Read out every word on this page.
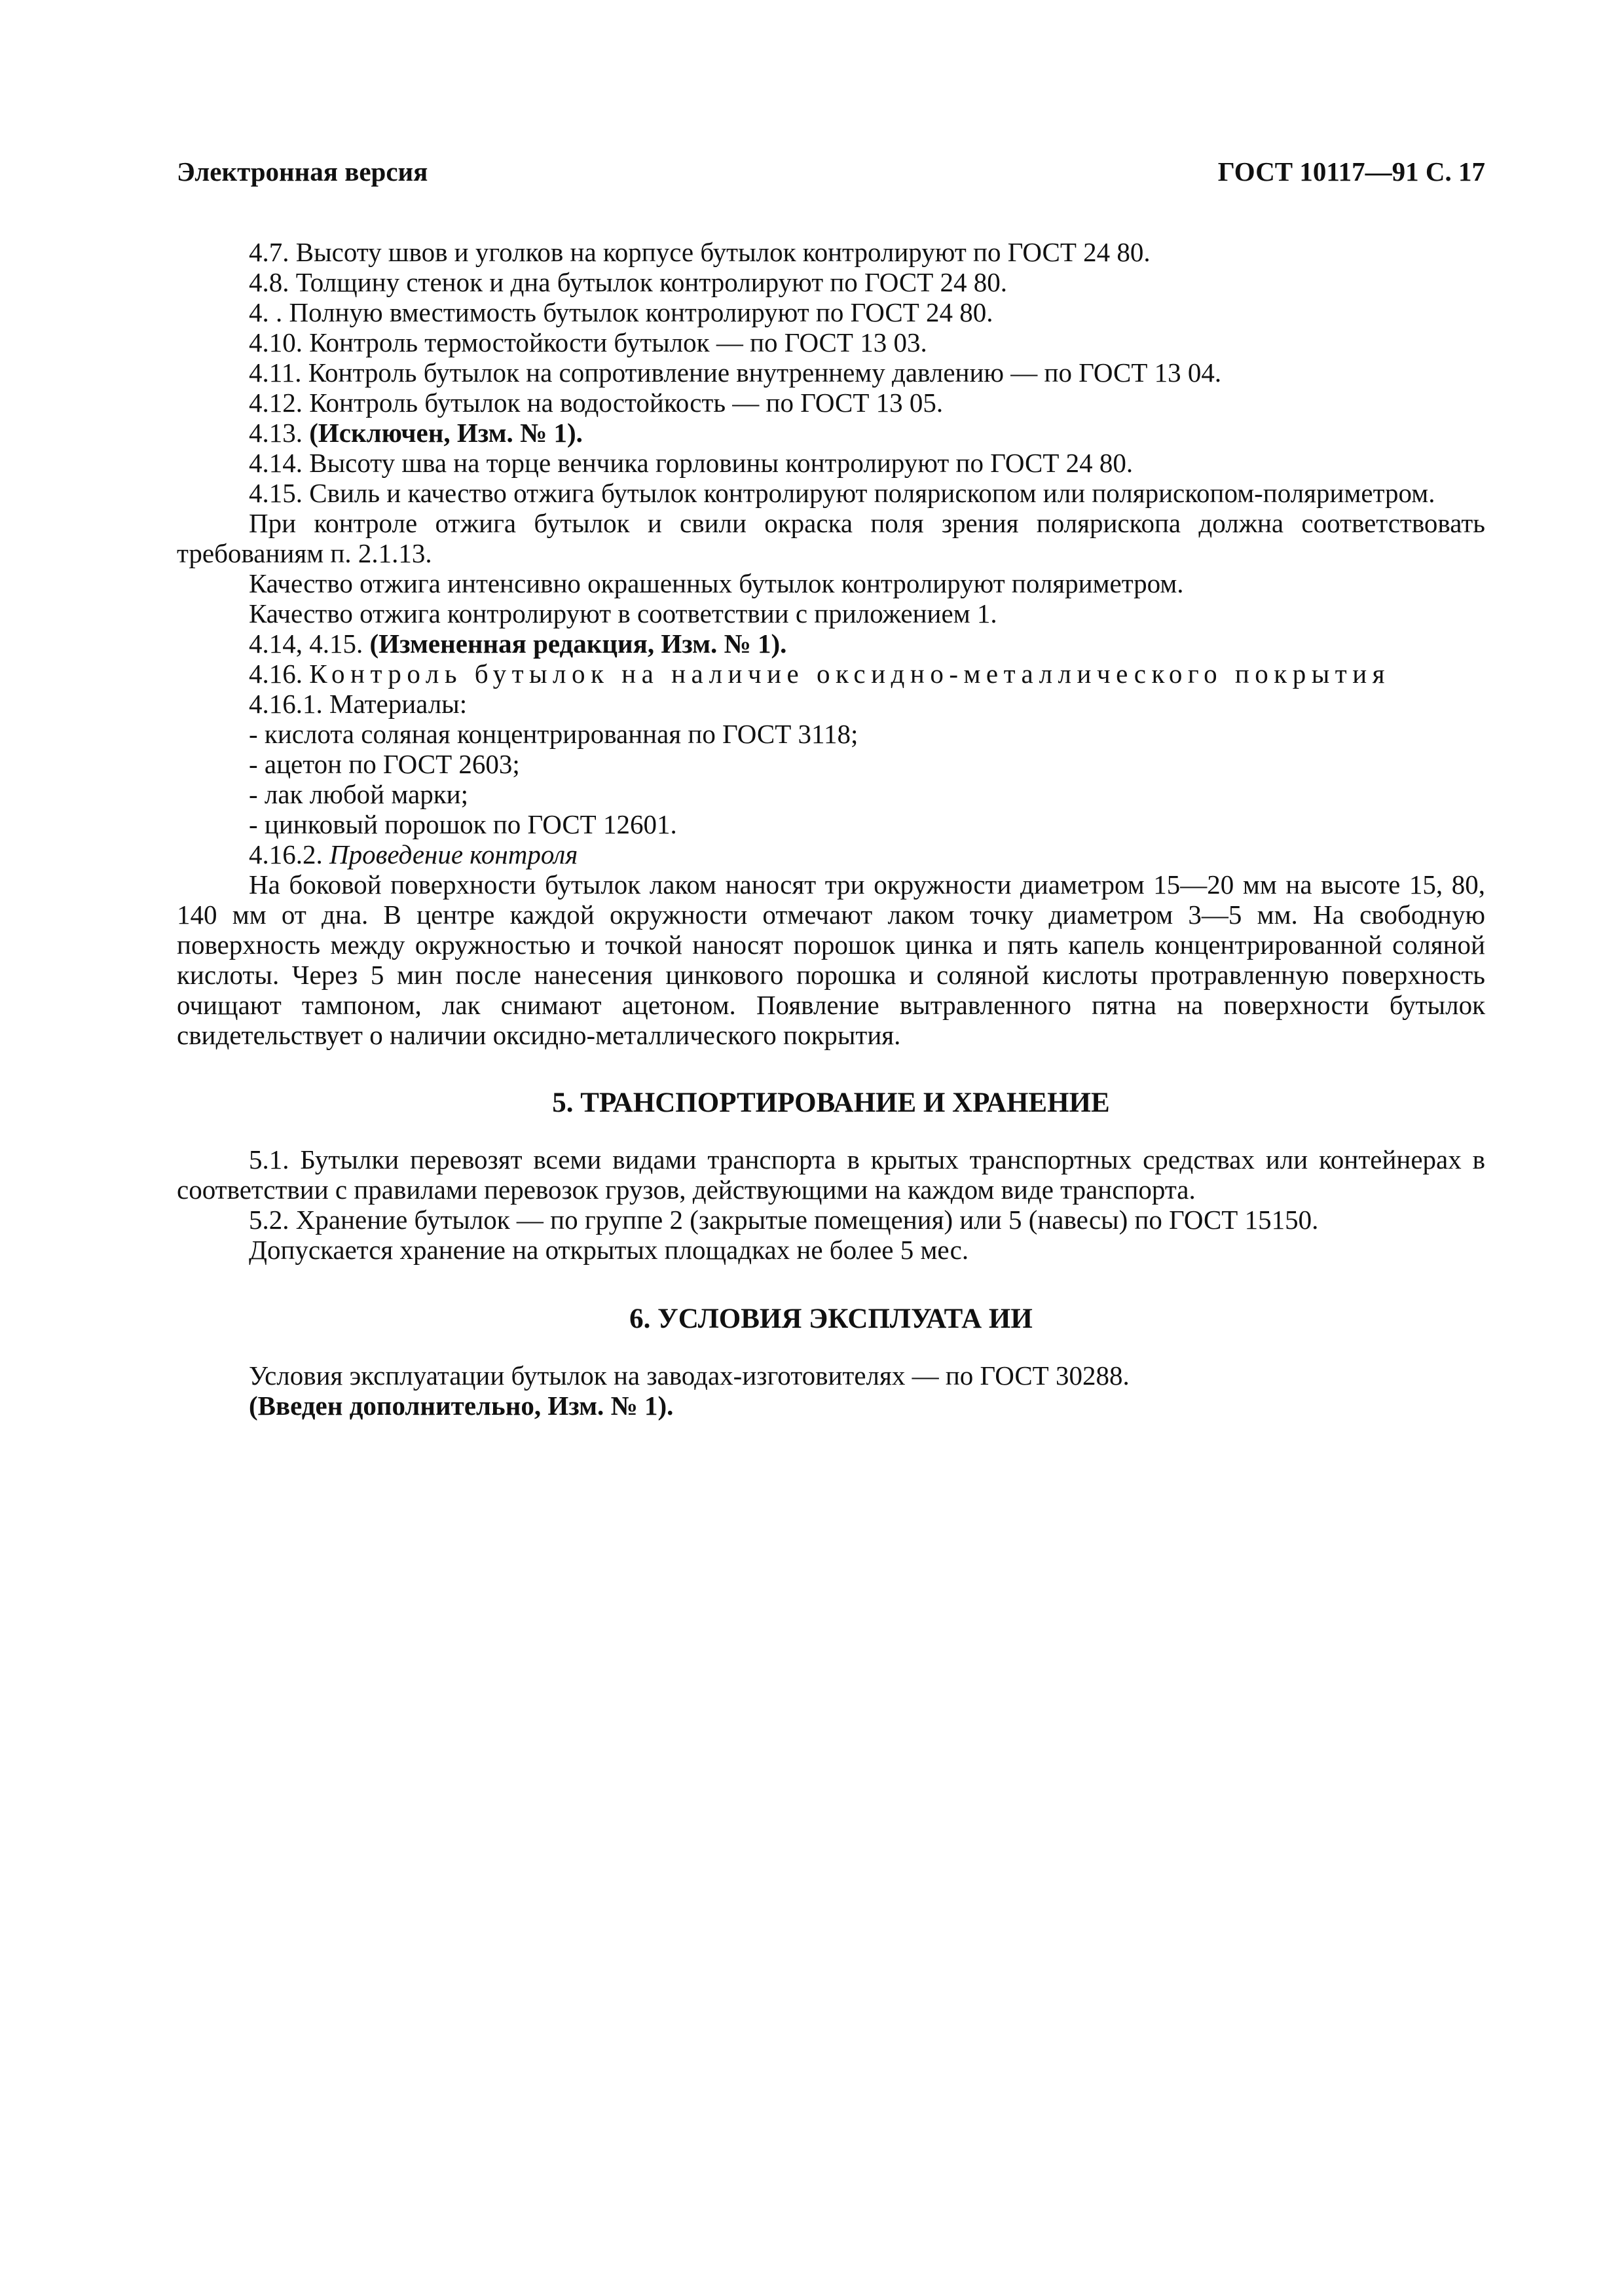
Электронная версия	ГОСТ 10117—91 С. 17

4.7. Высоту швов и уголков на корпусе бутылок контролируют по ГОСТ 24 80.

4.8. Толщину стенок и дна бутылок контролируют по ГОСТ 24 80.

4. . Полную вместимость бутылок контролируют по ГОСТ 24 80.

4.10. Контроль термостойкости бутылок — по ГОСТ 13 03.

4.11. Контроль бутылок на сопротивление внутреннему давлению — по ГОСТ 13 04.

4.12. Контроль бутылок на водостойкость — по ГОСТ 13 05.

4.13. (Исключен, Изм. № 1).

4.14. Высоту шва на торце венчика горловины контролируют по ГОСТ 24 80.

4.15. Свиль и качество отжига бутылок контролируют полярископом или полярископом-поляриметром.

При контроле отжига бутылок и свили окраска поля зрения полярископа должна соответствовать требованиям п. 2.1.13.

Качество отжига интенсивно окрашенных бутылок контролируют поляриметром.

Качество отжига контролируют в соответствии с приложением 1.

4.14, 4.15. (Измененная редакция, Изм. № 1).

4.16. Контроль бутылок на наличие оксидно-металлического покрытия

4.16.1. Материалы:

- кислота соляная концентрированная по ГОСТ 3118;

- ацетон по ГОСТ 2603;

- лак любой марки;

- цинковый порошок по ГОСТ 12601.

4.16.2. Проведение контроля

На боковой поверхности бутылок лаком наносят три окружности диаметром 15—20 мм на высоте 15, 80, 140 мм от дна. В центре каждой окружности отмечают лаком точку диаметром 3—5 мм. На свободную поверхность между окружностью и точкой наносят порошок цинка и пять капель концентрированной соляной кислоты. Через 5 мин после нанесения цинкового порошка и соляной кислоты протравленную поверхность очищают тампоном, лак снимают ацетоном. Появление вытравленного пятна на поверхности бутылок свидетельствует о наличии оксидно-металлического покрытия.

5. ТРАНСПОРТИРОВАНИЕ И ХРАНЕНИЕ

5.1. Бутылки перевозят всеми видами транспорта в крытых транспортных средствах или контейнерах в соответствии с правилами перевозок грузов, действующими на каждом виде транспорта.

5.2. Хранение бутылок — по группе 2 (закрытые помещения) или 5 (навесы) по ГОСТ 15150.

Допускается хранение на открытых площадках не более 5 мес.

6. УСЛОВИЯ ЭКСПЛУАТА ИИ

Условия эксплуатации бутылок на заводах-изготовителях — по ГОСТ 30288.

(Введен дополнительно, Изм. № 1).
